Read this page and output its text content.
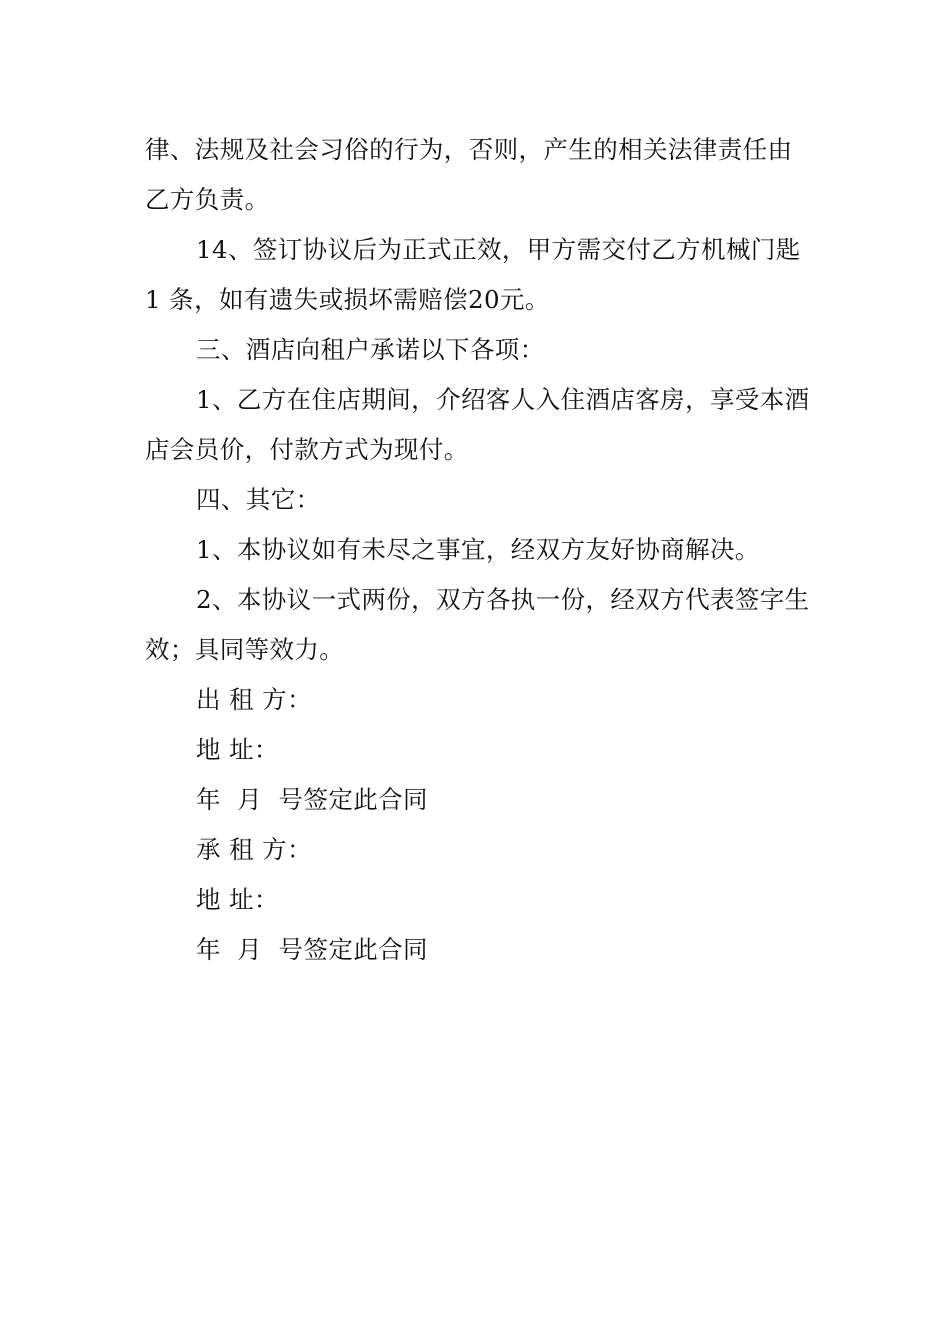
律、法规及社会习俗的行为，否则，产生的相关法律责任由乙方负责。

14、签订协议后为正式正效，甲方需交付乙方机械门匙 1 条，如有遗失或损坏需赔偿20元。

三、酒店向租户承诺以下各项：

1、乙方在住店期间，介绍客人入住酒店客房，享受本酒店会员价，付款方式为现付。

四、其它：

1、本协议如有未尽之事宜，经双方友好协商解决。

2、本协议一式两份，双方各执一份，经双方代表签字生效；具同等效力。

出 租 方：

地 址：

年  月  号签定此合同

承 租 方：

地 址：

年  月  号签定此合同
